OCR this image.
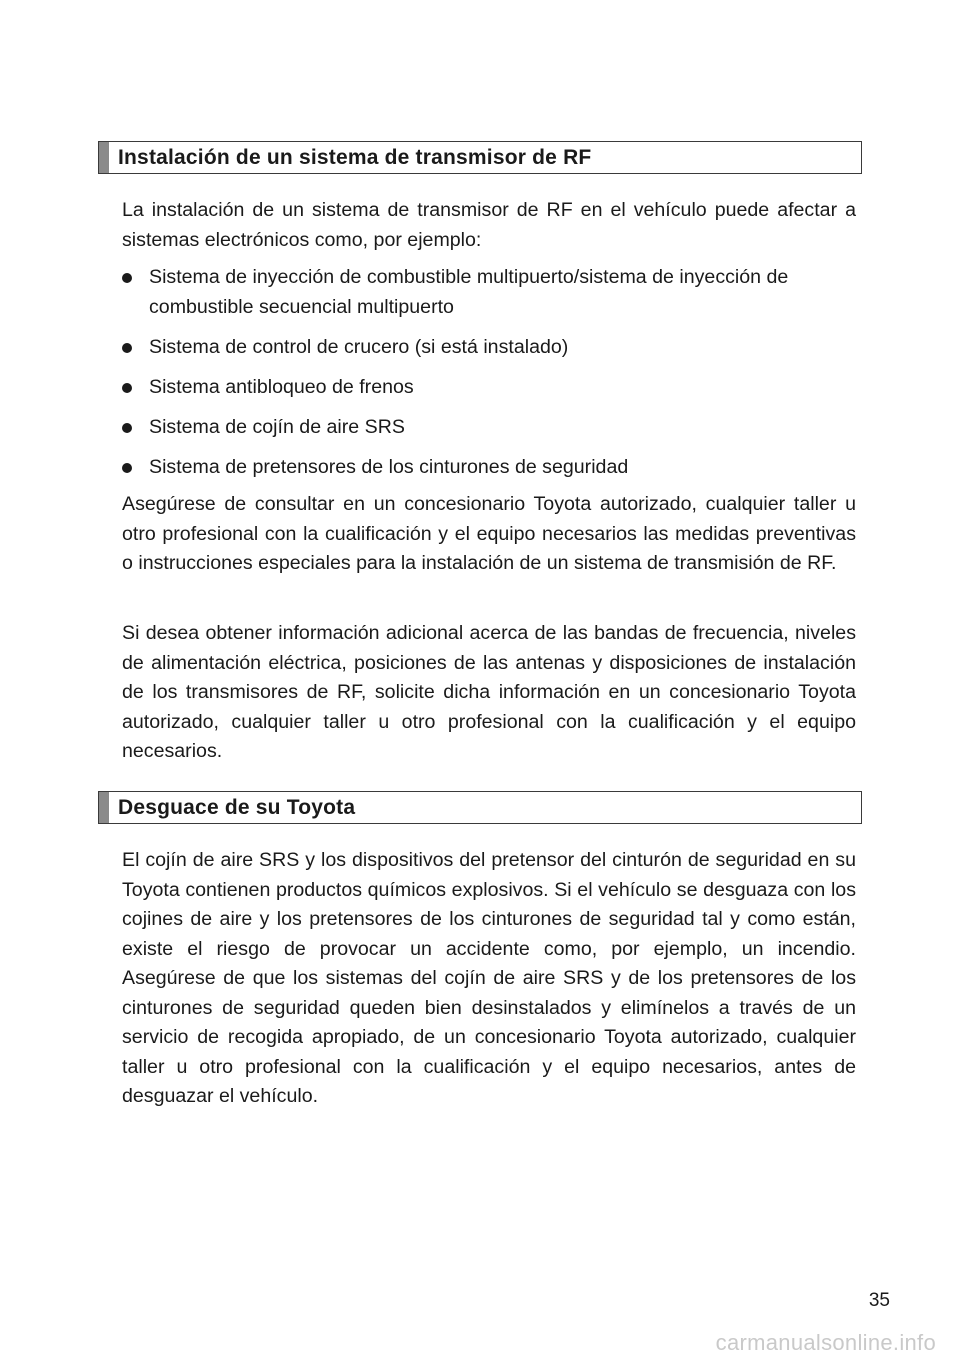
Instalación de un sistema de transmisor de RF

La instalación de un sistema de transmisor de RF en el vehículo puede afectar a sistemas electrónicos como, por ejemplo:

Sistema de inyección de combustible multipuerto/sistema de inyección de combustible secuencial multipuerto
Sistema de control de crucero (si está instalado)
Sistema antibloqueo de frenos
Sistema de cojín de aire SRS
Sistema de pretensores de los cinturones de seguridad

Asegúrese de consultar en un concesionario Toyota autorizado, cualquier taller u otro profesional con la cualificación y el equipo necesarios las medidas preventivas o instrucciones especiales para la instalación de un sistema de transmisión de RF.

Si desea obtener información adicional acerca de las bandas de frecuencia, niveles de alimentación eléctrica, posiciones de las antenas y disposiciones de instalación de los transmisores de RF, solicite dicha información en un concesionario Toyota autorizado, cualquier taller u otro profesional con la cualificación y el equipo necesarios.

Desguace de su Toyota

El cojín de aire SRS y los dispositivos del pretensor del cinturón de seguridad en su Toyota contienen productos químicos explosivos. Si el vehículo se desguaza con los cojines de aire y los pretensores de los cinturones de seguridad tal y como están, existe el riesgo de provocar un accidente como, por ejemplo, un incendio. Asegúrese de que los sistemas del cojín de aire SRS y de los pretensores de los cinturones de seguridad queden bien desinstalados y elimínelos a través de un servicio de recogida apropiado, de un concesionario Toyota autorizado, cualquier taller u otro profesional con la cualificación y el equipo necesarios, antes de desguazar el vehículo.

35
carmanualsonline.info
